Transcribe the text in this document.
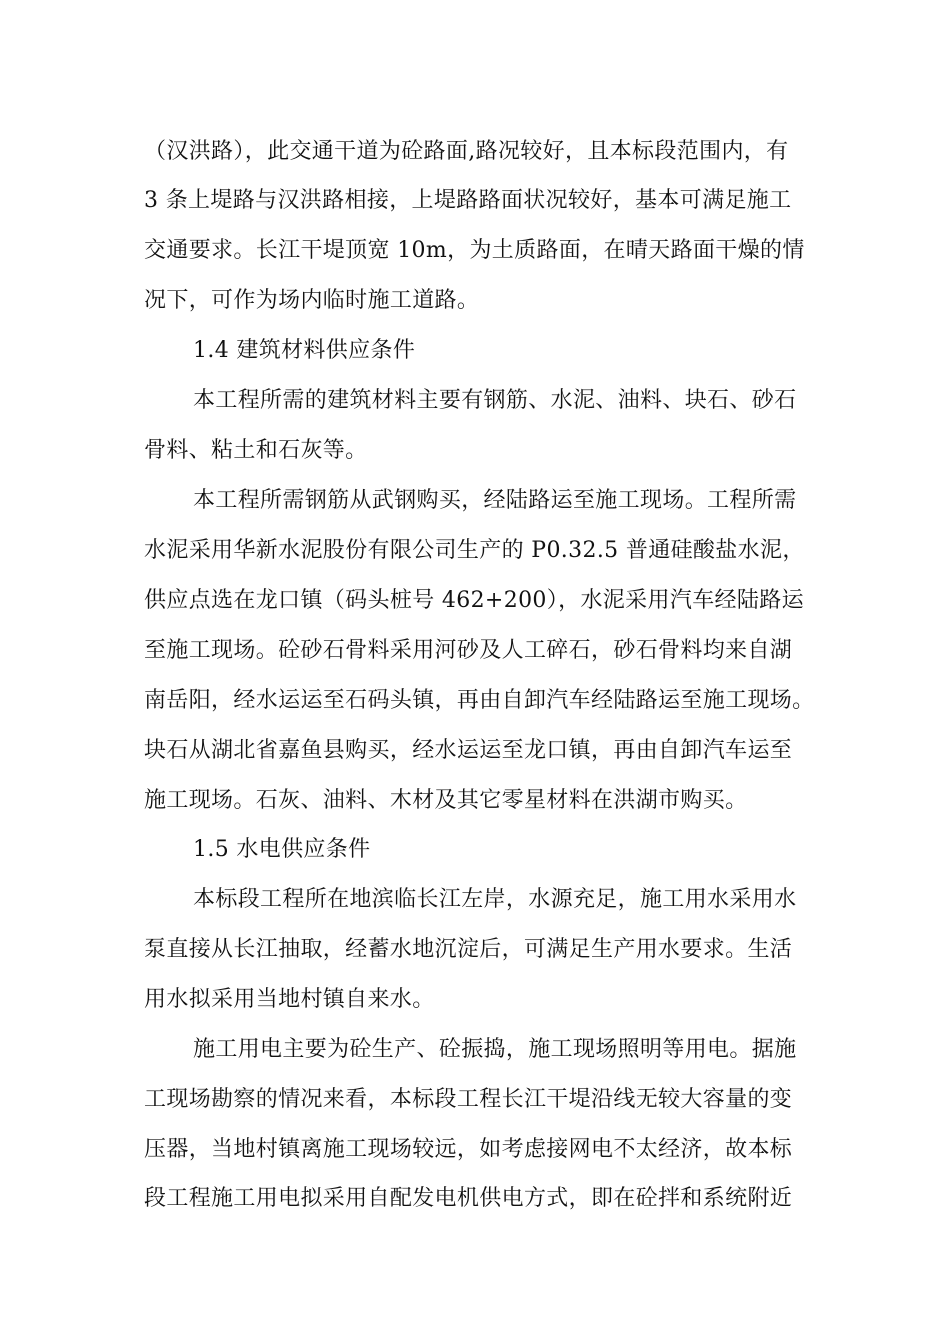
（汉洪路），此交通干道为砼路面,路况较好，且本标段范围内，有
3 条上堤路与汉洪路相接，上堤路路面状况较好，基本可满足施工
交通要求。长江干堤顶宽 10m，为土质路面，在晴天路面干燥的情
况下，可作为场内临时施工道路。
1.4 建筑材料供应条件
本工程所需的建筑材料主要有钢筋、水泥、油料、块石、砂石
骨料、粘土和石灰等。
本工程所需钢筋从武钢购买，经陆路运至施工现场。工程所需
水泥采用华新水泥股份有限公司生产的 P0.32.5 普通硅酸盐水泥，
供应点选在龙口镇（码头桩号 462+200），水泥采用汽车经陆路运
至施工现场。砼砂石骨料采用河砂及人工碎石，砂石骨料均来自湖
南岳阳，经水运运至石码头镇，再由自卸汽车经陆路运至施工现场。
块石从湖北省嘉鱼县购买，经水运运至龙口镇，再由自卸汽车运至
施工现场。石灰、油料、木材及其它零星材料在洪湖市购买。
1.5 水电供应条件
本标段工程所在地滨临长江左岸，水源充足，施工用水采用水
泵直接从长江抽取，经蓄水地沉淀后，可满足生产用水要求。生活
用水拟采用当地村镇自来水。
施工用电主要为砼生产、砼振捣，施工现场照明等用电。据施
工现场勘察的情况来看，本标段工程长江干堤沿线无较大容量的变
压器，当地村镇离施工现场较远，如考虑接网电不太经济，故本标
段工程施工用电拟采用自配发电机供电方式，即在砼拌和系统附近
